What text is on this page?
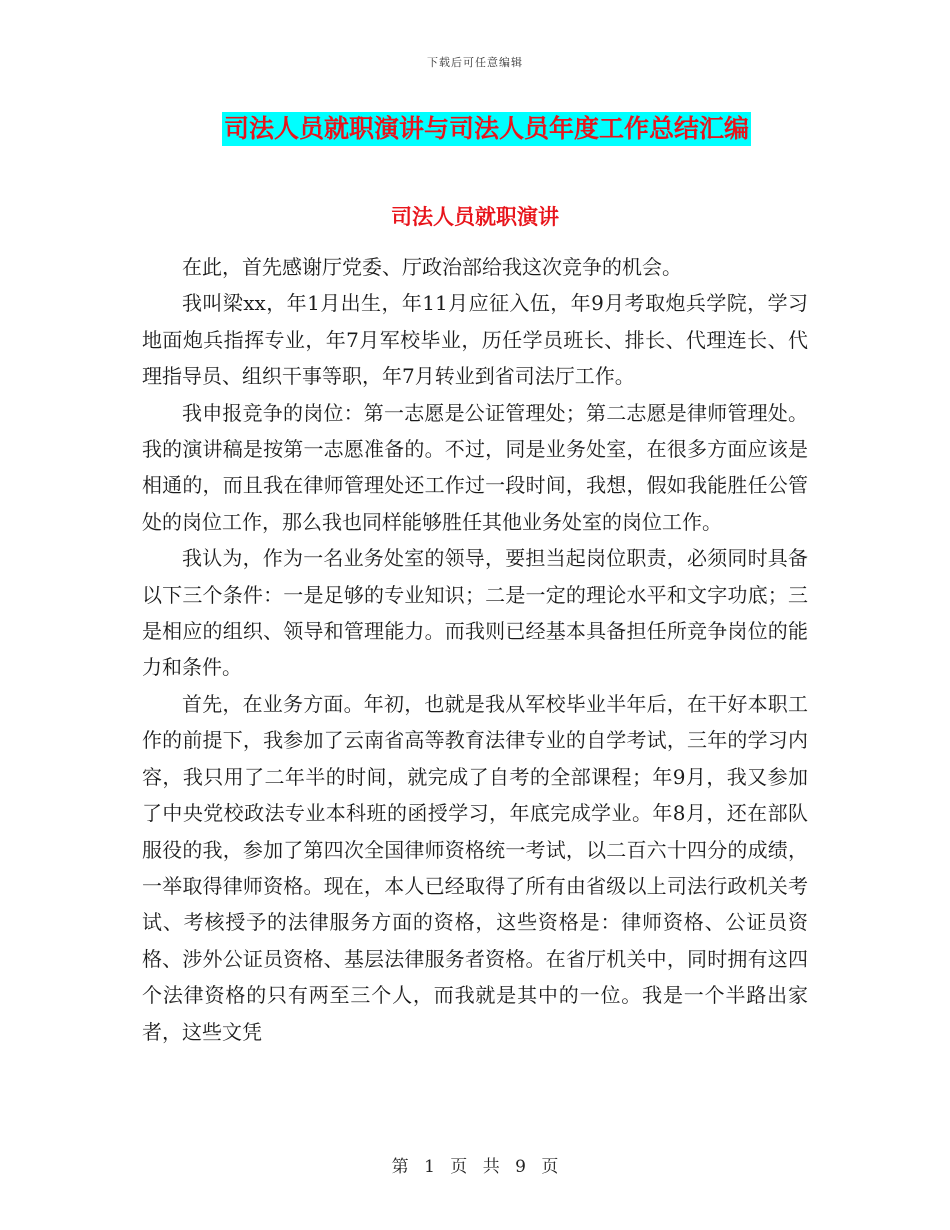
下载后可任意编辑
司法人员就职演讲与司法人员年度工作总结汇编
司法人员就职演讲

在此，首先感谢厅党委、厅政治部给我这次竞争的机会。

我叫梁xx，年1月出生，年11月应征入伍，年9月考取炮兵学院，学习地面炮兵指挥专业，年7月军校毕业，历任学员班长、排长、代理连长、代理指导员、组织干事等职，年7月转业到省司法厅工作。

我申报竞争的岗位：第一志愿是公证管理处；第二志愿是律师管理处。我的演讲稿是按第一志愿准备的。不过，同是业务处室，在很多方面应该是相通的，而且我在律师管理处还工作过一段时间，我想，假如我能胜任公管处的岗位工作，那么我也同样能够胜任其他业务处室的岗位工作。

我认为，作为一名业务处室的领导，要担当起岗位职责，必须同时具备以下三个条件：一是足够的专业知识；二是一定的理论水平和文字功底；三是相应的组织、领导和管理能力。而我则已经基本具备担任所竞争岗位的能力和条件。

首先，在业务方面。年初，也就是我从军校毕业半年后，在干好本职工作的前提下，我参加了云南省高等教育法律专业的自学考试，三年的学习内容，我只用了二年半的时间，就完成了自考的全部课程；年9月，我又参加了中央党校政法专业本科班的函授学习，年底完成学业。年8月，还在部队服役的我，参加了第四次全国律师资格统一考试，以二百六十四分的成绩，一举取得律师资格。现在，本人已经取得了所有由省级以上司法行政机关考试、考核授予的法律服务方面的资格，这些资格是：律师资格、公证员资格、涉外公证员资格、基层法律服务者资格。在省厅机关中，同时拥有这四个法律资格的只有两至三个人，而我就是其中的一位。我是一个半路出家者，这些文凭

第 1 页 共 9 页
